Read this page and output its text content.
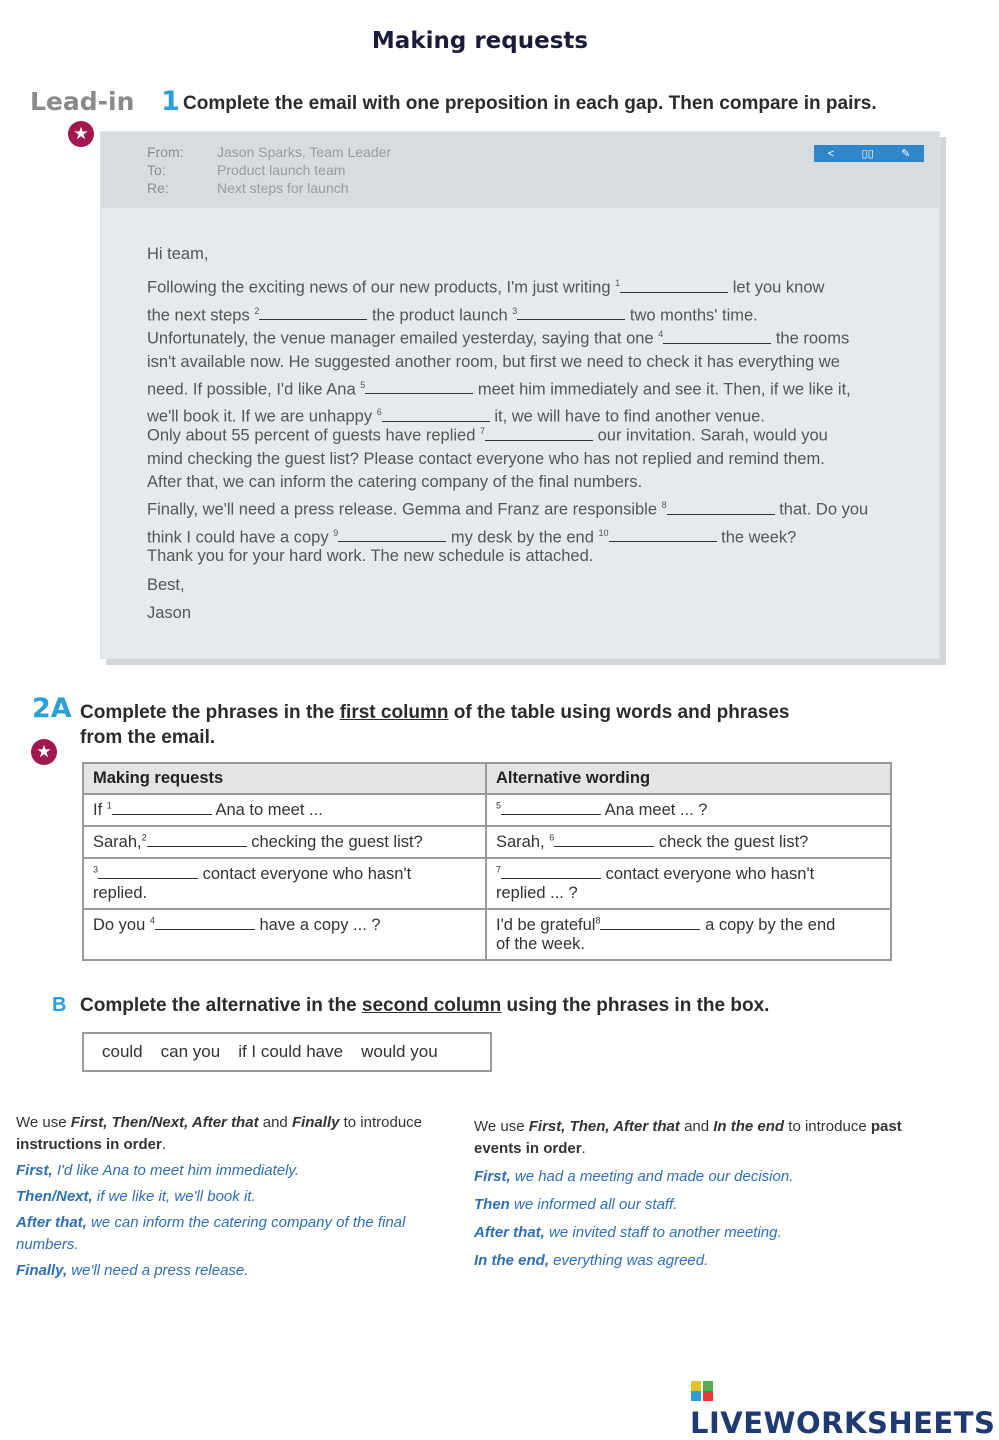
Making requests
Lead-in 1 Complete the email with one preposition in each gap. Then compare in pairs.
★
From: Jason Sparks, Team Leader
To:	Product launch team
Re:	Next steps for launch
< ▯▯ ✎
Hi team,

Following the exciting news of our new products, I'm just writing $^1$	let you know

the next steps $^2$	the product launch $^3$	two months' time.

Unfortunately, the venue manager emailed yesterday, saying that one $^4$	the rooms

isn't available now. He suggested another room, but first we need to check it has everything we

need. If possible, I'd like Ana $^5$	meet him immediately and see it. Then, if we like it,

we'll book it. If we are unhappy $^6$	it, we will have to find another venue.

Only about 55 percent of guests have replied $^7$	our invitation. Sarah, would you

mind checking the guest list? Please contact everyone who has not replied and remind them.

After that, we can inform the catering company of the final numbers.

Finally, we'll need a press release. Gemma and Franz are responsible $^8$	that. Do you

think I could have a copy $^9$	my desk by the end $^{10}$	the week?

Thank you for your hard work. The new schedule is attached.
Best,
Jason
2A Complete the phrases in the first column of the table using words and phrases
from the email.
★
Making requests	Alternative wording
If $^1$ Ana to meet ...	$^5$ Ana meet ... ?
Sarah,$^2$ checking the guest list?	Sarah, $^6$ check the guest list?
$^3$ contact everyone who hasn't
replied.	$^7$ contact everyone who hasn't
replied ... ?
Do you $^4$ have a copy ... ?	I'd be grateful$^8$ a copy by the end
of the week.
B Complete the alternative in the second column using the phrases in the box.
could can you if I could have would you
We use First, Then/Next, After that and Finally to introduce instructions in order.
First, I'd like Ana to meet him immediately.
Then/Next, if we like it, we'll book it.
After that, we can inform the catering company of the final numbers.
Finally, we'll need a press release.
We use First, Then, After that and In the end to introduce past events in order.
First, we had a meeting and made our decision.
Then we informed all our staff.
After that, we invited staff to another meeting.
In the end, everything was agreed.

LIVEWORKSHEETS
